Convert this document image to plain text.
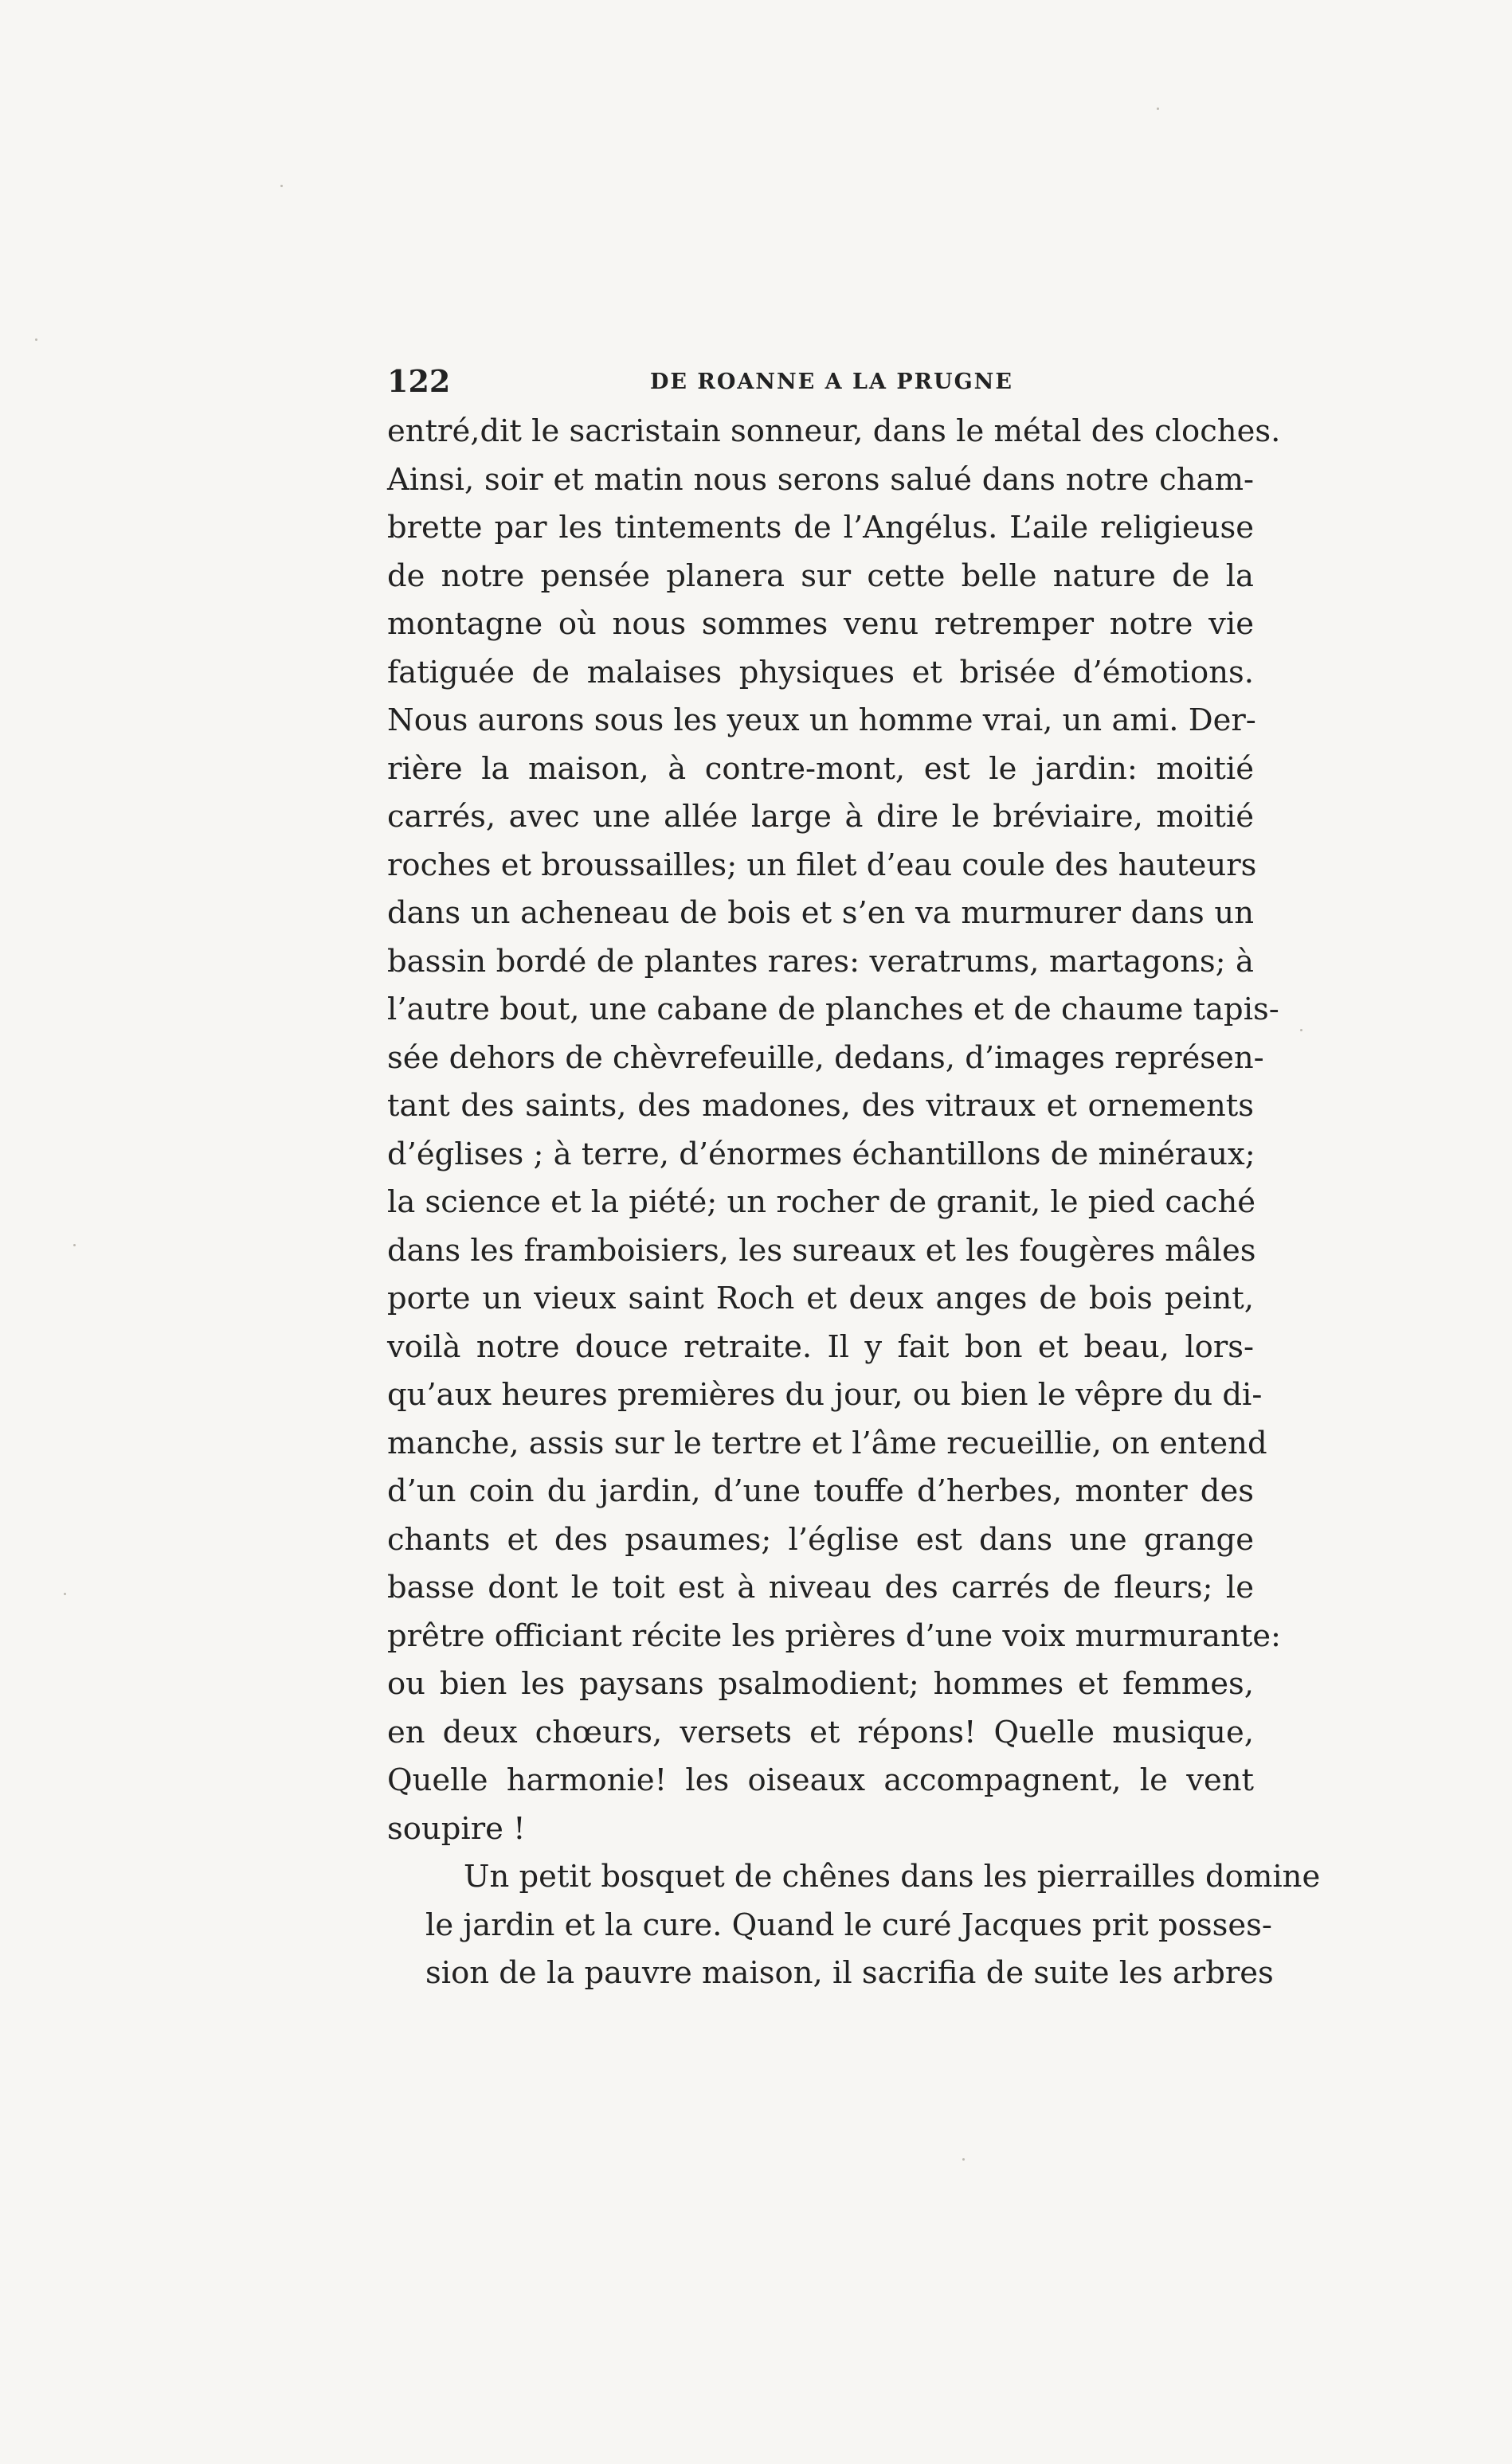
122	DE ROANNE A LA PRUGNE
entré,dit le sacristain sonneur, dans le métal des cloches.
Ainsi, soir et matin nous serons salué dans notre cham-
brette par les tintements de l’Angélus. L’aile religieuse
de notre pensée planera sur cette belle nature de la
montagne où nous sommes venu retremper notre vie
fatiguée de malaises physiques et brisée d’émotions.
Nous aurons sous les yeux un homme vrai, un ami. Der-
rière la maison, à contre-mont, est le jardin: moitié
carrés, avec une allée large à dire le bréviaire, moitié
roches et broussailles; un filet d’eau coule des hauteurs
dans un acheneau de bois et s’en va murmurer dans un
bassin bordé de plantes rares: veratrums, martagons; à
l’autre bout, une cabane de planches et de chaume tapis-
sée dehors de chèvrefeuille, dedans, d’images représen-
tant des saints, des madones, des vitraux et ornements
d’églises ; à terre, d’énormes échantillons de minéraux;
la science et la piété; un rocher de granit, le pied caché
dans les framboisiers, les sureaux et les fougères mâles
porte un vieux saint Roch et deux anges de bois peint,
voilà notre douce retraite. Il y fait bon et beau, lors-
qu’aux heures premières du jour, ou bien le vêpre du di-
manche, assis sur le tertre et l’âme recueillie, on entend
d’un coin du jardin, d’une touffe d’herbes, monter des
chants et des psaumes; l’église est dans une grange
basse dont le toit est à niveau des carrés de fleurs; le
prêtre officiant récite les prières d’une voix murmurante:
ou bien les paysans psalmodient; hommes et femmes,
en deux chœurs, versets et répons! Quelle musique,
Quelle harmonie! les oiseaux accompagnent, le vent
soupire !
Un petit bosquet de chênes dans les pierrailles domine
le jardin et la cure. Quand le curé Jacques prit posses-
sion de la pauvre maison, il sacrifia de suite les arbres
